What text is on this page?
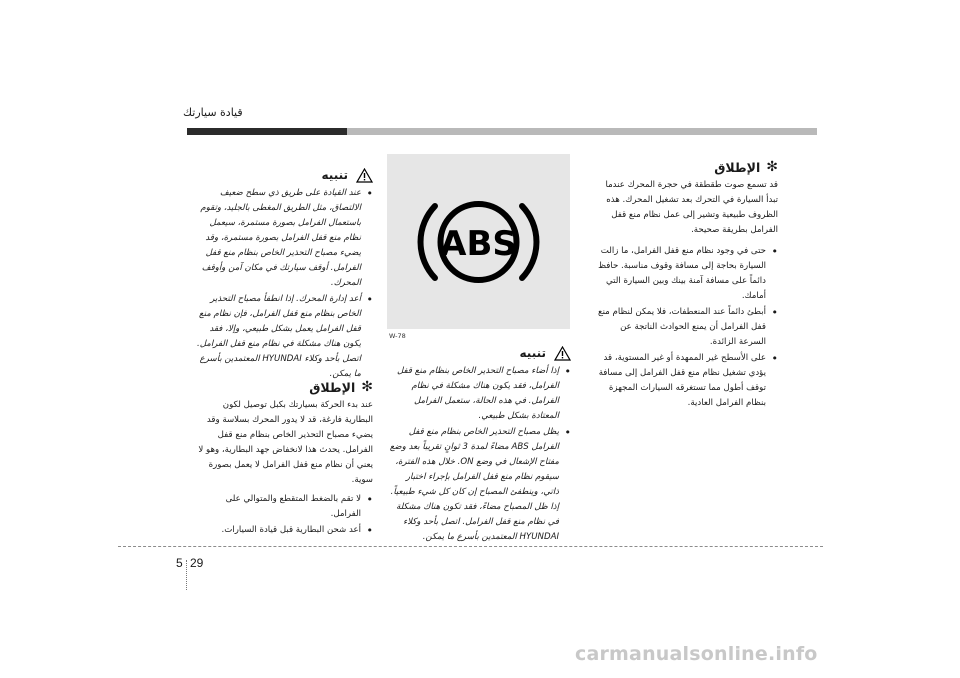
قيادة سيارتك
✻
الإطلاق

قد تسمع صوت طقطقة في حجرة المحرك عندما تبدأ السيارة في التحرك بعد تشغيل المحرك. هذه الظروف طبيعية وتشير إلى عمل نظام منع قفل الفرامل بطريقة صحيحة.

• حتى في وجود نظام منع قفل الفرامل، ما زالت السيارة بحاجة إلى مسافة وقوف مناسبة. حافظ دائماً على مسافة آمنة بينك وبين السيارة التي أمامك.
• أبطئ دائماً عند المنعطفات، فلا يمكن لنظام منع قفل الفرامل أن يمنع الحوادث الناتجة عن السرعة الزائدة.
• على الأسطح غير الممهدة أو غير المستوية، قد يؤدي تشغيل نظام منع قفل الفرامل إلى مسافة توقف أطول مما تستغرقه السيارات المجهزة بنظام الفرامل العادية.
ABS
W-78
تنبيه
• إذا أضاء مصباح التحذير الخاص بنظام منع قفل الفرامل، فقد يكون هناك مشكلة في نظام الفرامل. في هذه الحالة، ستعمل الفرامل المعتادة بشكل طبيعي.
• يظل مصباح التحذير الخاص بنظام منع قفل الفرامل ABS مضاءً لمدة 3 ثوانٍ تقريباً بعد وضع مفتاح الإشعال في وضع ON. خلال هذه الفترة، سيقوم نظام منع قفل الفرامل بإجراء اختبار ذاتي، وينطفئ المصباح إن كان كل شيء طبيعياً. إذا ظل المصباح مضاءً، فقد تكون هناك مشكلة في نظام منع قفل الفرامل. اتصل بأحد وكلاء HYUNDAI المعتمدين بأسرع ما يمكن.
تنبيه
• عند القيادة على طريق ذي سطح ضعيف الالتصاق، مثل الطريق المغطى بالجليد، وتقوم باستعمال الفرامل بصورة مستمرة، سيعمل نظام منع قفل الفرامل بصورة مستمرة، وقد يضيء مصباح التحذير الخاص بنظام منع قفل الفرامل. أوقف سيارتك في مكان آمن وأوقف المحرك.
• أعد إدارة المحرك. إذا انطفأ مصباح التحذير الخاص بنظام منع قفل الفرامل، فإن نظام منع قفل الفرامل يعمل بشكل طبيعي، وإلا، فقد يكون هناك مشكلة في نظام منع قفل الفرامل. اتصل بأحد وكلاء HYUNDAI المعتمدين بأسرع ما يمكن.
✻
الإطلاق

عند بدء الحركة بسيارتك بكبل توصيل لكون البطارية فارغة، قد لا يدور المحرك بسلاسة وقد يضيء مصباح التحذير الخاص بنظام منع قفل الفرامل. يحدث هذا لانخفاض جهد البطارية، وهو لا يعني أن نظام منع قفل الفرامل لا يعمل بصورة سوية.

• لا تقم بالضغط المتقطع والمتوالي على الفرامل.
• أعد شحن البطارية قبل قيادة السيارات.
5 29
carmanualsonline.info
